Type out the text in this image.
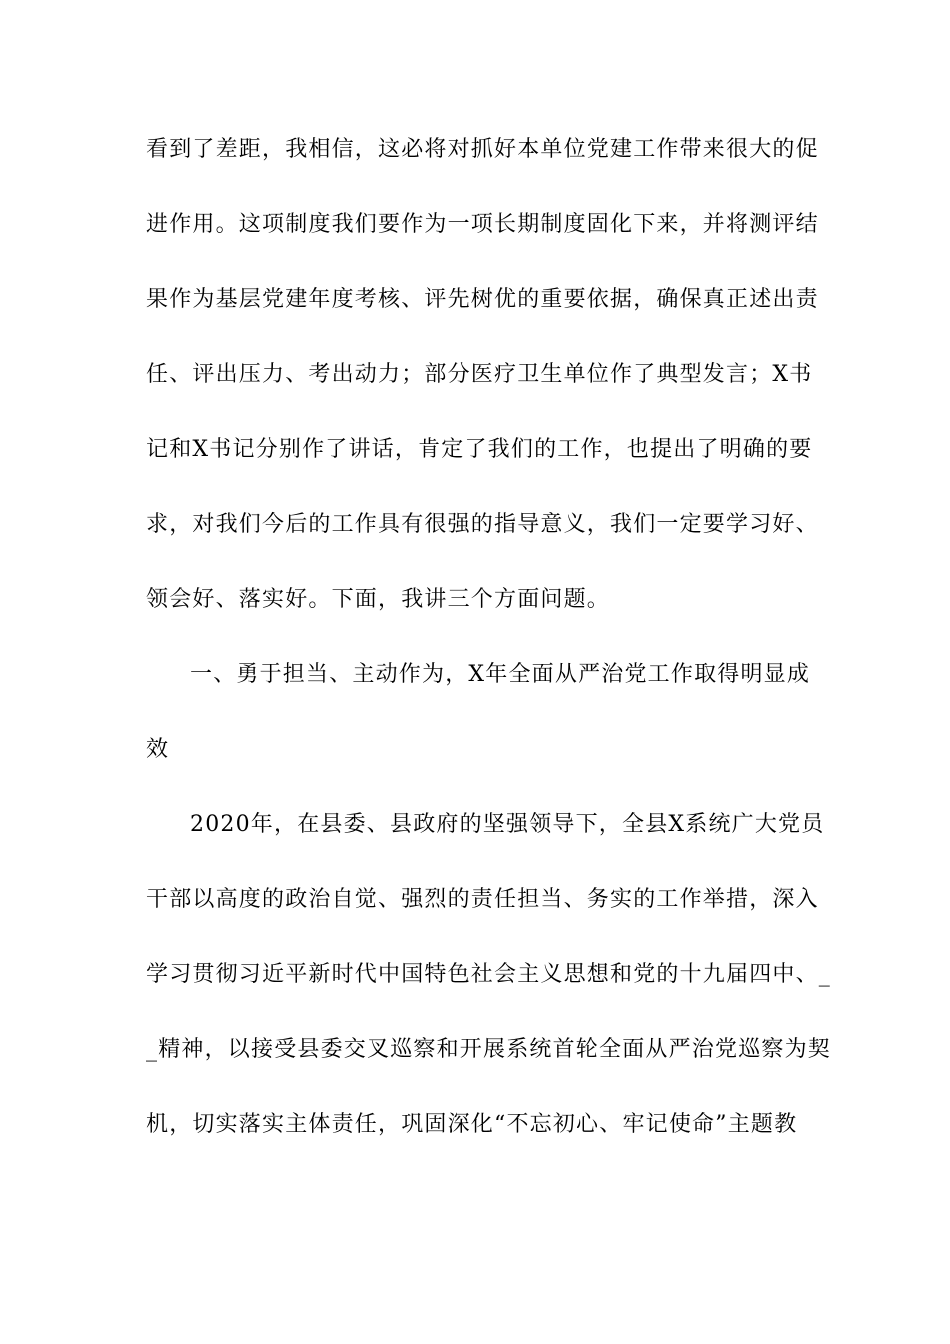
看到了差距，我相信，这必将对抓好本单位党建工作带来很大的促
进作用。这项制度我们要作为一项长期制度固化下来，并将测评结
果作为基层党建年度考核、评先树优的重要依据，确保真正述出责
任、评出压力、考出动力；部分医疗卫生单位作了典型发言；X书
记和X书记分别作了讲话，肯定了我们的工作，也提出了明确的要
求，对我们今后的工作具有很强的指导意义，我们一定要学习好、
领会好、落实好。下面，我讲三个方面问题。
一、勇于担当、主动作为，X年全面从严治党工作取得明显成
效
2020年，在县委、县政府的坚强领导下，全县X系统广大党员
干部以高度的政治自觉、强烈的责任担当、务实的工作举措，深入
学习贯彻习近平新时代中国特色社会主义思想和党的十九届四中、_
_精神，以接受县委交叉巡察和开展系统首轮全面从严治党巡察为契
机，切实落实主体责任，巩固深化“不忘初心、牢记使命”主题教
